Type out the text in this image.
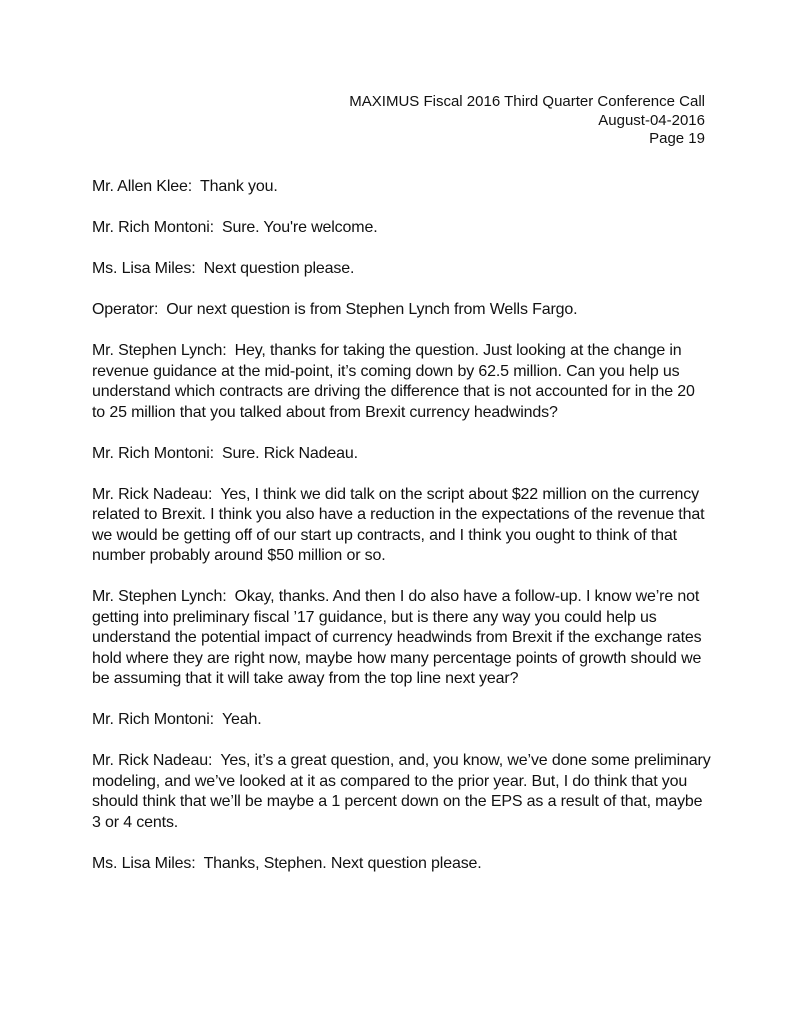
MAXIMUS Fiscal 2016 Third Quarter Conference Call
August-04-2016
Page 19

Mr. Allen Klee: Thank you.

Mr. Rich Montoni: Sure. You're welcome.

Ms. Lisa Miles: Next question please.

Operator: Our next question is from Stephen Lynch from Wells Fargo.

Mr. Stephen Lynch: Hey, thanks for taking the question. Just looking at the change in revenue guidance at the mid-point, it’s coming down by 62.5 million. Can you help us understand which contracts are driving the difference that is not accounted for in the 20 to 25 million that you talked about from Brexit currency headwinds?

Mr. Rich Montoni: Sure. Rick Nadeau.

Mr. Rick Nadeau: Yes, I think we did talk on the script about $22 million on the currency related to Brexit. I think you also have a reduction in the expectations of the revenue that we would be getting off of our start up contracts, and I think you ought to think of that number probably around $50 million or so.

Mr. Stephen Lynch: Okay, thanks. And then I do also have a follow-up. I know we’re not getting into preliminary fiscal ’17 guidance, but is there any way you could help us understand the potential impact of currency headwinds from Brexit if the exchange rates hold where they are right now, maybe how many percentage points of growth should we be assuming that it will take away from the top line next year?

Mr. Rich Montoni: Yeah.

Mr. Rick Nadeau: Yes, it’s a great question, and, you know, we’ve done some preliminary modeling, and we’ve looked at it as compared to the prior year. But, I do think that you should think that we’ll be maybe a 1 percent down on the EPS as a result of that, maybe 3 or 4 cents.

Ms. Lisa Miles: Thanks, Stephen. Next question please.
